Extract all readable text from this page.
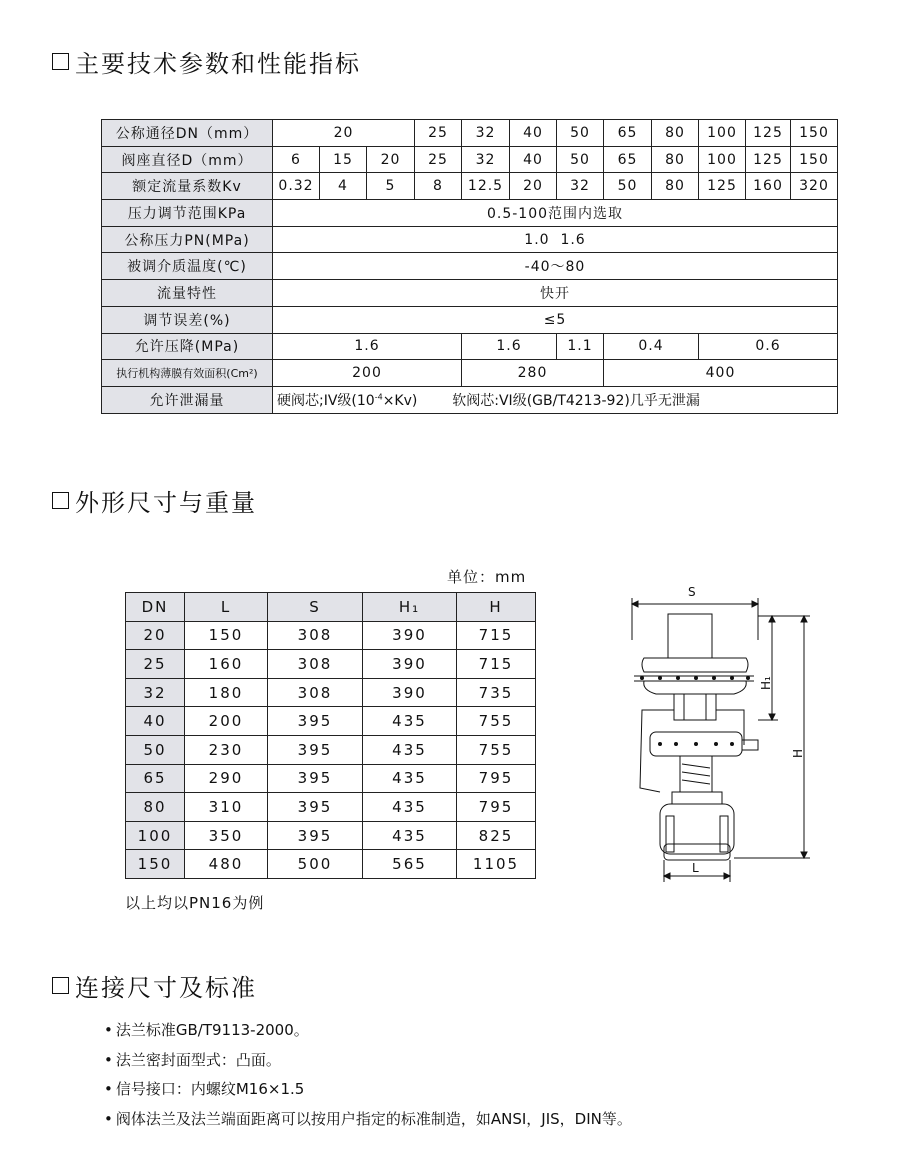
主要技术参数和性能指标
公称通径DN（mm）	20			25	32	40	50	65	80	100	125	150
阀座直径D（mm）	6	15	20	25	32	40	50	65	80	100	125	150
额定流量系数Kv	0.32	4	5	8	12.5	20	32	50	80	125	160	320
压力调节范围KPa	0.5-100范围内选取											
公称压力PN(MPa)	1.0  1.6											
被调介质温度(℃)	-40～80											
流量特性	快开											
调节误差(%)	≤5											
允许压降(MPa)	1.6				1.6		1.1	0.4		0.6		
执行机构薄膜有效面积(Cm²)	200				280			400				
允许泄漏量	硬阀芯;IV级$(10^{-4}\times Kv)$ 软阀芯:VI级(GB/T4213-92)几乎无泄漏											
外形尺寸与重量
单位：mm
DN	L	S	H₁	H
20	150	308	390	715
25	160	308	390	715
32	180	308	390	735
40	200	395	435	755
50	230	395	435	755
65	290	395	435	795
80	310	395	435	795
100	350	395	435	825
150	480	500	565	1105
以上均以PN16为例
S
L
H₁
H
连接尺寸及标准
• 法兰标准GB/T9113-2000。
• 法兰密封面型式：凸面。
• 信号接口：内螺纹M16×1.5
• 阀体法兰及法兰端面距离可以按用户指定的标准制造，如ANSI，JIS，DIN等。
